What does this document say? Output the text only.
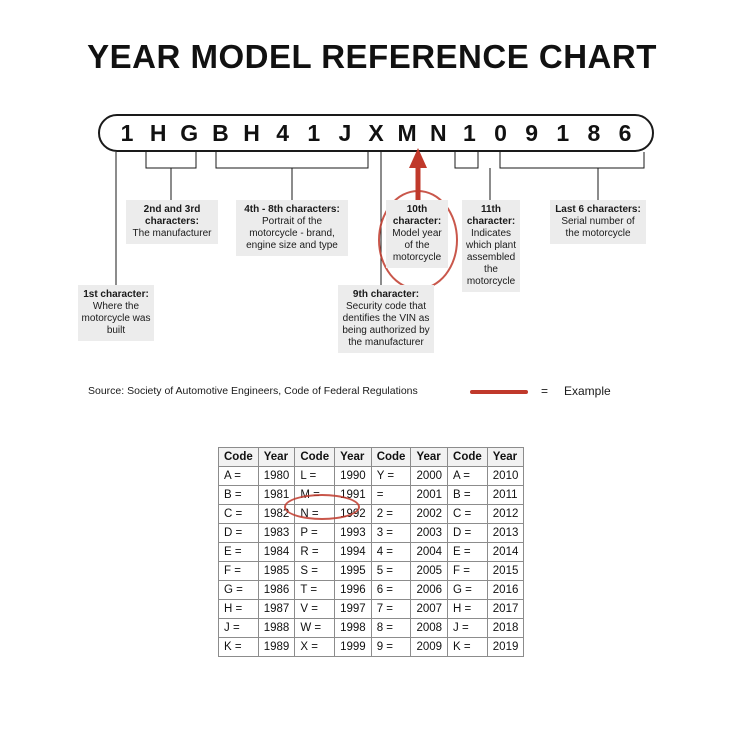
YEAR MODEL REFERENCE CHART
1 H G B H 4 1 J X M N 1 0 9 1 8 6
1st character:
Where the motorcycle was built
2nd and 3rd characters:
The manufacturer
4th - 8th characters:
Portrait of the motorcycle - brand, engine size and type
9th character:
Security code that dentifies the VIN as being authorized by the manufacturer
10th character:
Model year of the motorcycle
11th character:
Indicates which plant assembled the motorcycle
Last 6 characters:
Serial number of the motorcycle
Source: Society of Automotive Engineers, Code of Federal Regulations	= Example
Code	Year	Code	Year	Code	Year	Code	Year
A =	1980	L =	1990	Y =	2000	A =	2010
B =	1981	M =	1991	=	2001	B =	2011
C =	1982	N =	1992	2 =	2002	C =	2012
D =	1983	P =	1993	3 =	2003	D =	2013
E =	1984	R =	1994	4 =	2004	E =	2014
F =	1985	S =	1995	5 =	2005	F =	2015
G =	1986	T =	1996	6 =	2006	G =	2016
H =	1987	V =	1997	7 =	2007	H =	2017
J =	1988	W =	1998	8 =	2008	J =	2018
K =	1989	X =	1999	9 =	2009	K =	2019
